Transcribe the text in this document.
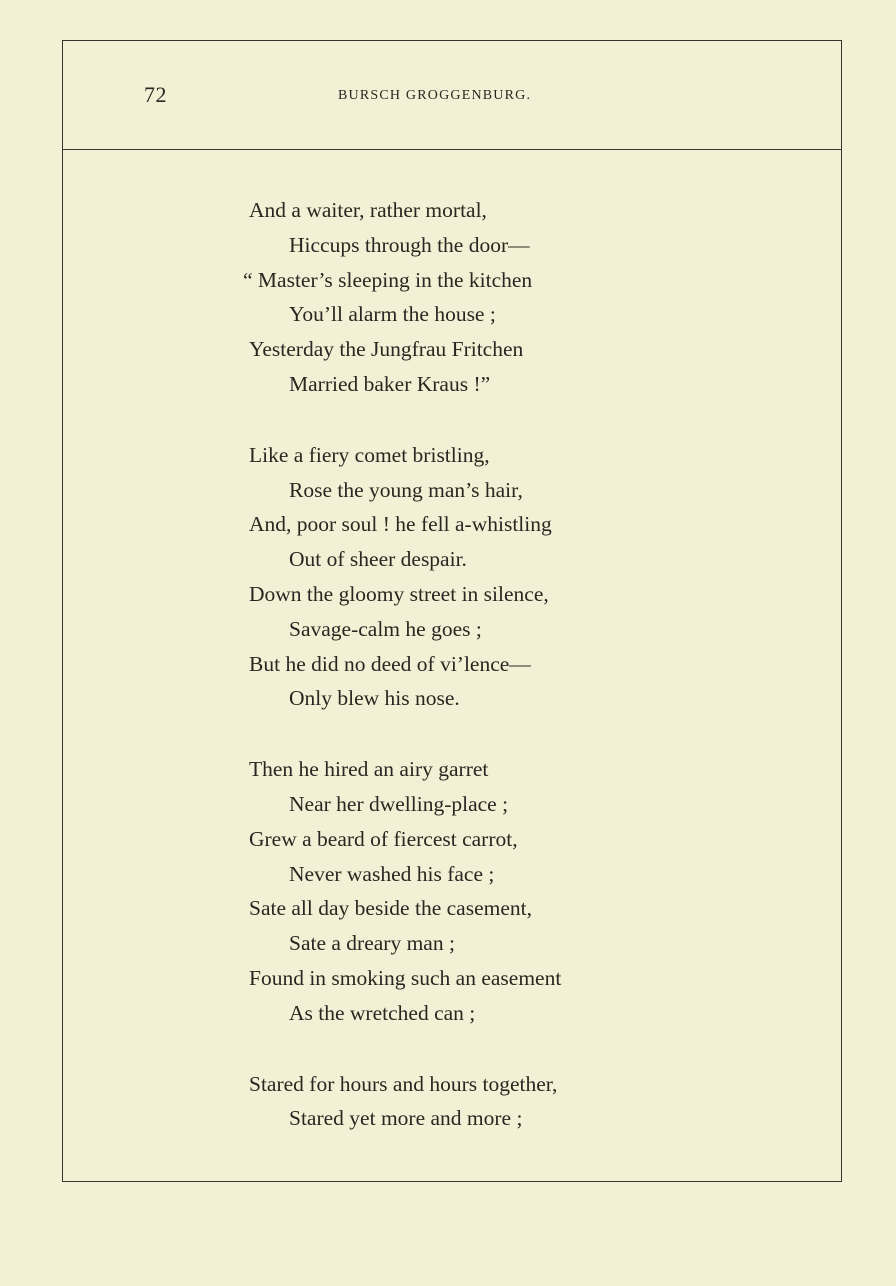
72	BURSCH GROGGENBURG.
And a waiter, rather mortal,
Hiccups through the door—
“ Master’s sleeping in the kitchen
You’ll alarm the house ;
Yesterday the Jungfrau Fritchen
Married baker Kraus !”
Like a fiery comet bristling,
Rose the young man’s hair,
And, poor soul ! he fell a-whistling
Out of sheer despair.
Down the gloomy street in silence,
Savage-calm he goes ;
But he did no deed of vi’lence—
Only blew his nose.
Then he hired an airy garret
Near her dwelling-place ;
Grew a beard of fiercest carrot,
Never washed his face ;
Sate all day beside the casement,
Sate a dreary man ;
Found in smoking such an easement
As the wretched can ;
Stared for hours and hours together,
Stared yet more and more ;
